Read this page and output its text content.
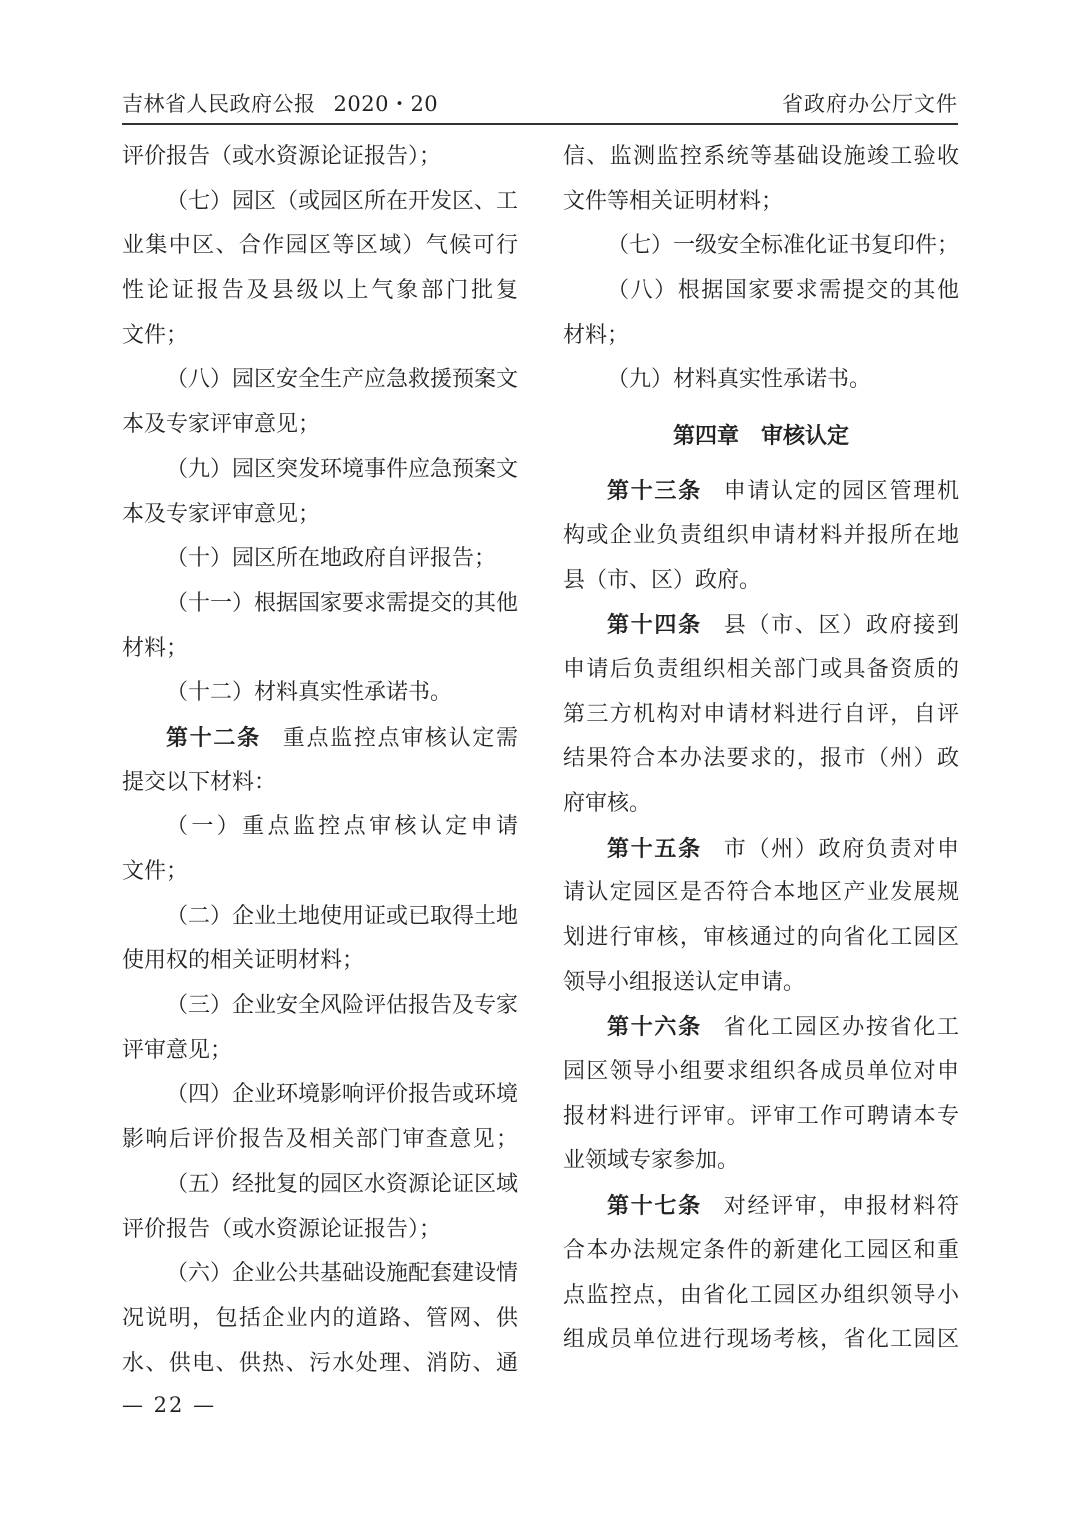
吉林省人民政府公报 2020・20	省政府办公厅文件
评价报告（或水资源论证报告）；
（七）园区（或园区所在开发区、工
业集中区、合作园区等区域）气候可行
性论证报告及县级以上气象部门批复
文件；
（八）园区安全生产应急救援预案文
本及专家评审意见；
（九）园区突发环境事件应急预案文
本及专家评审意见；
（十）园区所在地政府自评报告；
（十一）根据国家要求需提交的其他
材料；
（十二）材料真实性承诺书。
第十二条 重点监控点审核认定需
提交以下材料：
（一）重点监控点审核认定申请
文件；
（二）企业土地使用证或已取得土地
使用权的相关证明材料；
（三）企业安全风险评估报告及专家
评审意见；
（四）企业环境影响评价报告或环境
影响后评价报告及相关部门审查意见；
（五）经批复的园区水资源论证区域
评价报告（或水资源论证报告）；
（六）企业公共基础设施配套建设情
况说明，包括企业内的道路、管网、供
水、供电、供热、污水处理、消防、通
信、监测监控系统等基础设施竣工验收
文件等相关证明材料；
（七）一级安全标准化证书复印件；
（八）根据国家要求需提交的其他
材料；
（九）材料真实性承诺书。
第四章 审核认定
第十三条 申请认定的园区管理机
构或企业负责组织申请材料并报所在地
县（市、区）政府。
第十四条 县（市、区）政府接到
申请后负责组织相关部门或具备资质的
第三方机构对申请材料进行自评，自评
结果符合本办法要求的，报市（州）政
府审核。
第十五条 市（州）政府负责对申
请认定园区是否符合本地区产业发展规
划进行审核，审核通过的向省化工园区
领导小组报送认定申请。
第十六条 省化工园区办按省化工
园区领导小组要求组织各成员单位对申
报材料进行评审。评审工作可聘请本专
业领域专家参加。
第十七条 对经评审，申报材料符
合本办法规定条件的新建化工园区和重
点监控点，由省化工园区办组织领导小
组成员单位进行现场考核，省化工园区
— 22 —
